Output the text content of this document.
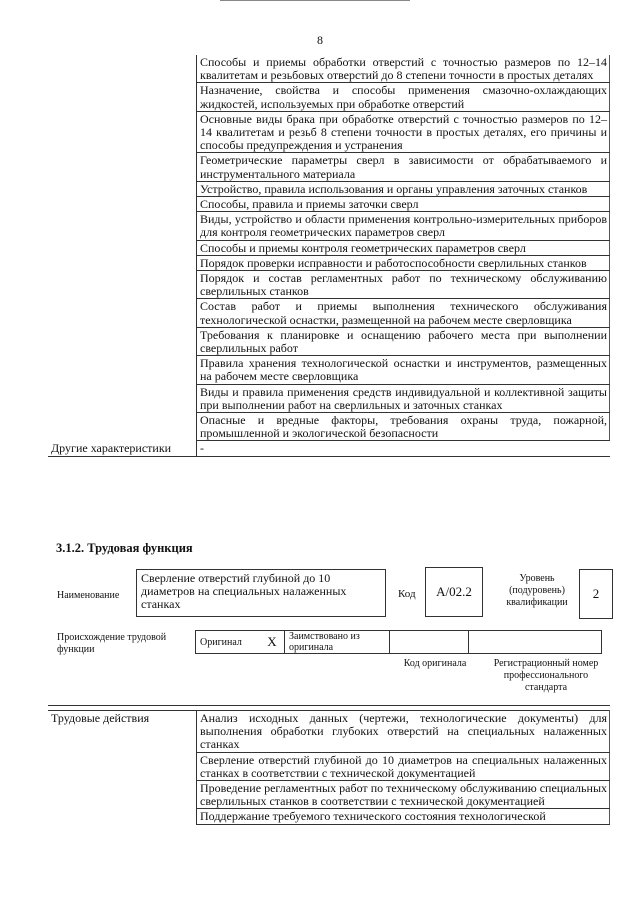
8
	Способы и приемы обработки отверстий с точностью размеров по 12–14 квалитетам и резьбовых отверстий до 8 степени точности в простых деталях
	Назначение, свойства и способы применения смазочно-охлаждающих жидкостей, используемых при обработке отверстий
	Основные виды брака при обработке отверстий с точностью размеров по 12–14 квалитетам и резьб 8 степени точности в простых деталях, его причины и способы предупреждения и устранения
	Геометрические параметры сверл в зависимости от обрабатываемого и инструментального материала
	Устройство, правила использования и органы управления заточных станков
	Способы, правила и приемы заточки сверл
	Виды, устройство и области применения контрольно-измерительных приборов для контроля геометрических параметров сверл
	Способы и приемы контроля геометрических параметров сверл
	Порядок проверки исправности и работоспособности сверлильных станков
	Порядок и состав регламентных работ по техническому обслуживанию сверлильных станков
	Состав работ и приемы выполнения технического обслуживания технологической оснастки, размещенной на рабочем месте сверловщика
	Требования к планировке и оснащению рабочего места при выполнении сверлильных работ
	Правила хранения технологической оснастки и инструментов, размещенных на рабочем месте сверловщика
	Виды и правила применения средств индивидуальной и коллективной защиты при выполнении работ на сверлильных и заточных станках
	Опасные и вредные факторы, требования охраны труда, пожарной, промышленной и экологической безопасности
Другие характеристики	-
3.1.2. Трудовая функция
Наименование
Сверление отверстий глубиной до 10 диаметров на специальных налаженных станках
Код	А/02.2
Уровень (подуровень) квалификации
2
Происхождение трудовой функции
Оригинал	Х	Заимствовано из оригинала		
Код оригинала	Регистрационный номер профессионального стандарта
Трудовые действия	Анализ исходных данных (чертежи, технологические документы) для выполнения обработки глубоких отверстий на специальных налаженных станках
	Сверление отверстий глубиной до 10 диаметров на специальных налаженных станках в соответствии с технической документацией
	Проведение регламентных работ по техническому обслуживанию специальных сверлильных станков в соответствии с технической документацией
	Поддержание требуемого технического состояния технологической
